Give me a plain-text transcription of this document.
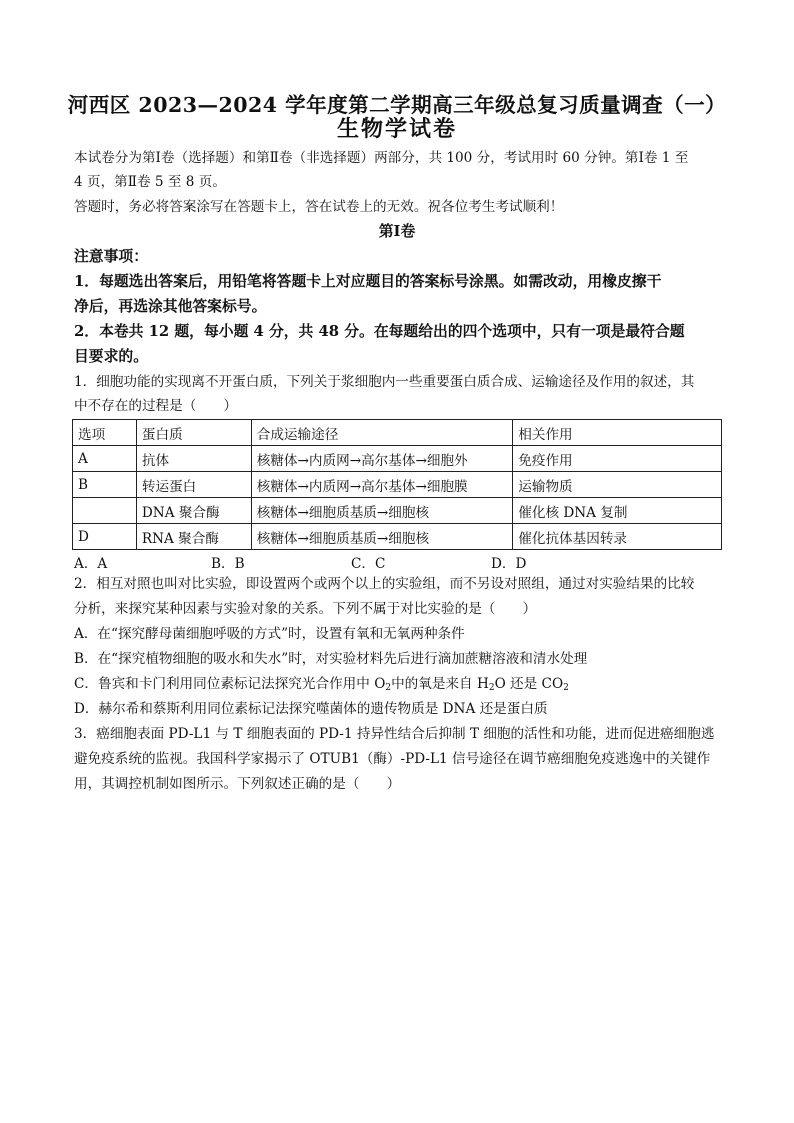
河西区 2023—2024 学年度第二学期高三年级总复习质量调查（一）
生物学试卷
本试卷分为第Ⅰ卷（选择题）和第Ⅱ卷（非选择题）两部分，共 100 分，考试用时 60 分钟。第Ⅰ卷 1 至
4 页，第Ⅱ卷 5 至 8 页。
答题时，务必将答案涂写在答题卡上，答在试卷上的无效。祝各位考生考试顺利！
第Ⅰ卷
注意事项：
1．每题选出答案后，用铅笔将答题卡上对应题目的答案标号涂黑。如需改动，用橡皮擦干
净后，再选涂其他答案标号。
2．本卷共 12 题，每小题 4 分，共 48 分。在每题给出的四个选项中，只有一项是最符合题
目要求的。
1．细胞功能的实现离不开蛋白质，下列关于浆细胞内一些重要蛋白质合成、运输途径及作用的叙述，其
中不存在的过程是（　　）
选项	蛋白质	合成运输途径	相关作用
A	抗体	核糖体→内质网→高尔基体→细胞外	免疫作用
B	转运蛋白	核糖体→内质网→高尔基体→细胞膜	运输物质
	DNA 聚合酶	核糖体→细胞质基质→细胞核	催化核 DNA 复制
D	RNA 聚合酶	核糖体→细胞质基质→细胞核	催化抗体基因转录
A．A	B．B	C．C	D．D
2．相互对照也叫对比实验，即设置两个或两个以上的实验组，而不另设对照组，通过对实验结果的比较
分析，来探究某种因素与实验对象的关系。下列不属于对比实验的是（　　）
A．在“探究酵母菌细胞呼吸的方式”时，设置有氧和无氧两种条件
B．在“探究植物细胞的吸水和失水”时，对实验材料先后进行滴加蔗糖溶液和清水处理
C．鲁宾和卡门利用同位素标记法探究光合作用中 $O_2$中的氧是来自 $H_2O$ 还是 $CO_2$
D．赫尔希和蔡斯利用同位素标记法探究噬菌体的遗传物质是 DNA 还是蛋白质
3．癌细胞表面 PD-L1 与 T 细胞表面的 PD-1 持异性结合后抑制 T 细胞的活性和功能，进而促进癌细胞逃
避免疫系统的监视。我国科学家揭示了 OTUB1（酶）-PD-L1 信号途径在调节癌细胞免疫逃逸中的关键作
用，其调控机制如图所示。下列叙述正确的是（　　）
